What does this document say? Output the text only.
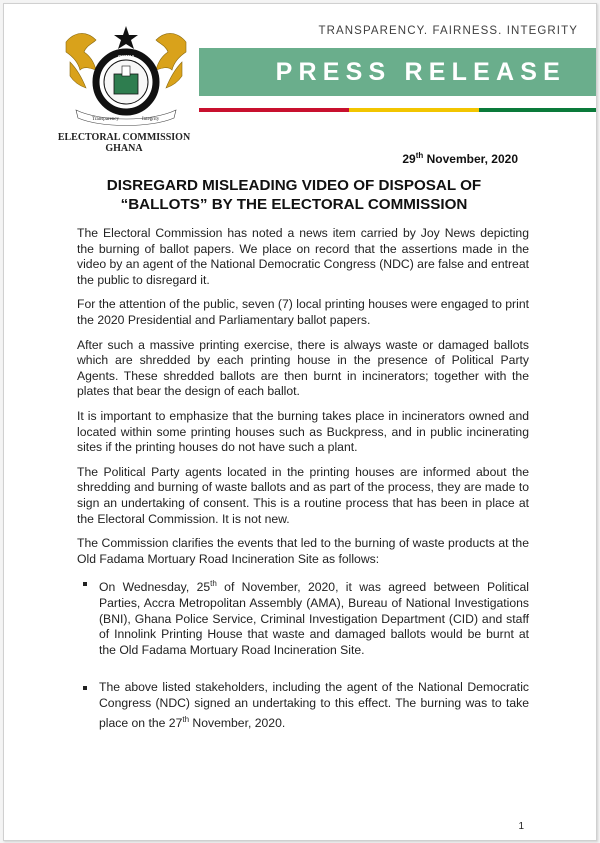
TRANSPARENCY. FAIRNESS. INTEGRITY
PRESS RELEASE
Transparency	Integrity
GHANA
ELECTORAL COMMISSION
GHANA
29th November, 2020
DISREGARD MISLEADING VIDEO OF DISPOSAL OF
“BALLOTS” BY THE ELECTORAL COMMISSION

The Electoral Commission has noted a news item carried by Joy News depicting the burning of ballot papers. We place on record that the assertions made in the video by an agent of the National Democratic Congress (NDC) are false and entreat the public to disregard it.

For the attention of the public, seven (7) local printing houses were engaged to print the 2020 Presidential and Parliamentary ballot papers.

After such a massive printing exercise, there is always waste or damaged ballots which are shredded by each printing house in the presence of Political Party Agents. These shredded ballots are then burnt in incinerators; together with the plates that bear the design of each ballot.

It is important to emphasize that the burning takes place in incinerators owned and located within some printing houses such as Buckpress, and in public incinerating sites if the printing houses do not have such a plant.

The Political Party agents located in the printing houses are informed about the shredding and burning of waste ballots and as part of the process, they are made to sign an undertaking of consent. This is a routine process that has been in place at the Electoral Commission. It is not new.

The Commission clarifies the events that led to the burning of waste products at the Old Fadama Mortuary Road Incineration Site as follows:

On Wednesday, 25th of November, 2020, it was agreed between Political Parties, Accra Metropolitan Assembly (AMA), Bureau of National Investigations (BNI), Ghana Police Service, Criminal Investigation Department (CID) and staff of Innolink Printing House that waste and damaged ballots would be burnt at the Old Fadama Mortuary Road Incineration Site.
The above listed stakeholders, including the agent of the National Democratic Congress (NDC) signed an undertaking to this effect. The burning was to take place on the 27th November, 2020.
1
